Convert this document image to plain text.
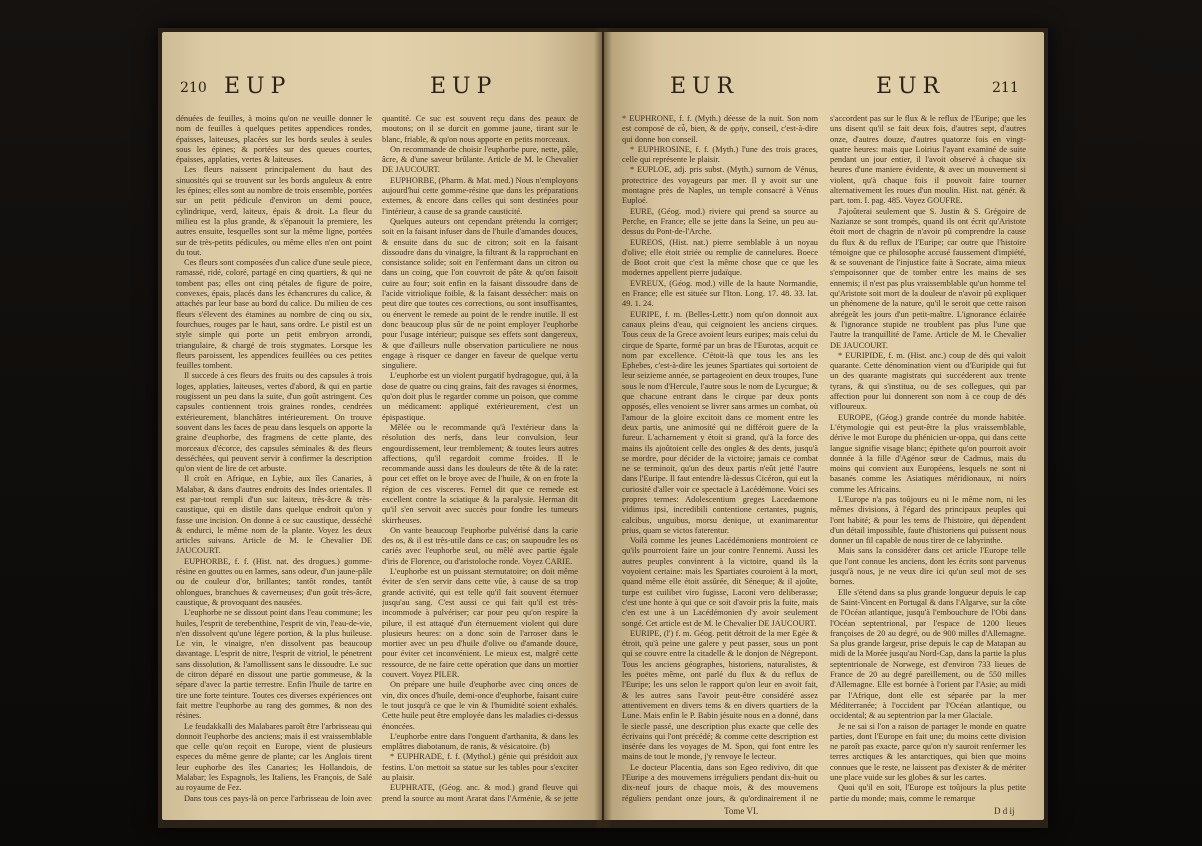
210 EUP	EUP

dénuées de feuilles, à moins qu'on ne veuille donner le nom de feuilles à quelques petites appendices rondes, épaisses, laiteuses, placées sur les bords seules à seules sous les épines; & portées sur des queues courtes, épaisses, applaties, vertes & laiteuses.

Les fleurs naissent principalement du haut des sinuosités qui se trouvent sur les bords anguleux & entre les épines; elles sont au nombre de trois ensemble, portées sur un petit pédicule d'environ un demi pouce, cylindrique, verd, laiteux, épais & droit. La fleur du milieu est la plus grande, & s'épanouit la premiere, les autres ensuite, lesquelles sont sur la même ligne, portées sur de très-petits pédicules, ou même elles n'en ont point du tout.

Ces fleurs sont composées d'un calice d'une seule piece, ramassé, ridé, coloré, partagé en cinq quartiers, & qui ne tombent pas; elles ont cinq pétales de figure de poire, convexes, épais, placés dans les échancrures du calice, & attachés par leur base au bord du calice. Du milieu de ces fleurs s'élevent des étamines au nombre de cinq ou six, fourchues, rouges par le haut, sans ordre. Le pistil est un style simple qui porte un petit embryon arrondi, triangulaire, & chargé de trois stygmates. Lorsque les fleurs paroissent, les appendices feuillées ou ces petites feuilles tombent.

Il succede à ces fleurs des fruits ou des capsules à trois loges, applaties, laiteuses, vertes d'abord, & qui en partie rougissent un peu dans la suite, d'un goût astringent. Ces capsules contiennent trois graines rondes, cendrées extérieurement, blanchâtres intérieurement. On trouve souvent dans les faces de peau dans lesquels on apporte la graine d'euphorbe, des fragmens de cette plante, des morceaux d'écorce, des capsules séminales & des fleurs desséchées, qui peuvent servir à confirmer la description qu'on vient de lire de cet arbuste.

Il croît en Afrique, en Lybie, aux îles Canaries, à Malabar, & dans d'autres endroits des Indes orientales. Il est par-tout rempli d'un suc laiteux, très-âcre & très-caustique, qui en distile dans quelque endroit qu'on y fasse une incision. On donne à ce suc caustique, desséché & endurci, le même nom de la plante. Voyez les deux articles suivans. Article de M. le Chevalier DE JAUCOURT.

EUPHORBE, f. f. (Hist. nat. des drogues.) gomme-résine en gouttes ou en larmes, sans odeur, d'un jaune-pâle ou de couleur d'or, brillantes; tantôt rondes, tantôt oblongues, branchues & caverneuses; d'un goût très-âcre, caustique, & provoquant des nausées.

L'euphorbe ne se dissout point dans l'eau commune; les huiles, l'esprit de terebenthine, l'esprit de vin, l'eau-de-vie, n'en dissolvent qu'une légere portion, & la plus huileuse. Le vin, le vinaigre, n'en dissolvent pas beaucoup davantage. L'esprit de nitre, l'esprit de vitriol, le pénetrent sans dissolution, & l'amollissent sans le dissoudre. Le suc de citron déparé en dissout une partie gommeuse, & la sépare d'avec la partie terrestre. Enfin l'huile de tartre en tire une forte teinture. Toutes ces diverses expériences ont fait mettre l'euphorbe au rang des gommes, & non des résines.

Le feudakkalli des Malabares paroît être l'arbrisseau qui donnoit l'euphorbe des anciens; mais il est vraissemblable que celle qu'on reçoit en Europe, vient de plusieurs especes du même genre de plante; car les Anglois tirent leur euphorbe des îles Canaries; les Hollandois, de Malabar; les Espagnols, les Italiens, les François, de Salé au royaume de Fez.

Dans tous ces pays-là on perce l'arbrisseau de loin avec

quantité. Ce suc est souvent reçu dans des peaux de moutons; on il se durcit en gomme jaune, tirant sur le blanc, friable, & qu'on nous apporte en petits morceaux.

On recommande de choisir l'euphorbe pure, nette, pâle, âcre, & d'une saveur brûlante. Article de M. le Chevalier DE JAUCOURT.

EUPHORBE, (Pharm. & Mat. med.) Nous n'employons aujourd'hui cette gomme-résine que dans les préparations externes, & encore dans celles qui sont destinées pour l'intérieur, à cause de sa grande causticité.

Quelques auteurs ont cependant prétendu la corriger; soit en la faisant infuser dans de l'huile d'amandes douces, & ensuite dans du suc de citron; soit en la faisant dissoudre dans du vinaigre, la filtrant & la rapprochant en consistance solide; soit en l'enfermant dans un citron ou dans un coing, que l'on couvroit de pâte & qu'on faisoit cuire au four; soit enfin en la faisant dissoudre dans de l'acide vitriolique foible, & la faisant dessécher: mais on peut dire que toutes ces corrections, ou sont insuffisantes, ou énervent le remede au point de le rendre inutile. Il est donc beaucoup plus sûr de ne point employer l'euphorbe pour l'usage intérieur; puisque ses effets sont dangereux, & que d'ailleurs nulle observation particuliere ne nous engage à risquer ce danger en faveur de quelque vertu singuliere.

L'euphorbe est un violent purgatif hydragogue, qui, à la dose de quatre ou cinq grains, fait des ravages si énormes, qu'on doit plus le regarder comme un poison, que comme un médicament: appliqué extérieurement, c'est un épispastique.

Mêlée ou le recommande qu'à l'extérieur dans la résolution des nerfs, dans leur convulsion, leur engourdissement, leur tremblement; & toutes leurs autres affections, qu'il regardoit comme froides. Il le recommande aussi dans les douleurs de tête & de la rate: pour cet effet on le broye avec de l'huile, & on en frote la région de ces visceres. Fernel dit que ce remede est excellent contre la sciatique & la paralysie. Herman dit qu'il s'en servoit avec succès pour fondre les tumeurs skirrheuses.

On vante beaucoup l'euphorbe pulvérisé dans la carie des os, & il est très-utile dans ce cas; on saupoudre les os cariés avec l'euphorbe seul, ou mêlé avec partie égale d'iris de Florence, ou d'aristoloche ronde. Voyez CARIE.

L'euphorbe est un puissant sternutatoire; on doit même éviter de s'en servir dans cette vûe, à cause de sa trop grande activité, qui est telle qu'il fait souvent éternuer jusqu'au sang. C'est aussi ce qui fait qu'il est très-incommode à pulvériser; car pour peu qu'on respire la pilure, il est attaqué d'un éternuement violent qui dure plusieurs heures: on a donc soin de l'arroser dans le mortier avec un peu d'huile d'olive ou d'amande douce, pour éviter cet inconvénient. Le mieux est, malgré cette ressource, de ne faire cette opération que dans un mortier couvert. Voyez PILER.

On prépare une huile d'euphorbe avec cinq onces de vin, dix onces d'huile, demi-once d'euphorbe, faisant cuire le tout jusqu'à ce que le vin & l'humidité soient exhalés. Cette huile peut être employée dans les maladies ci-dessus énoncées.

L'euphorbe entre dans l'onguent d'arthanita, & dans les emplâtres diabotanum, de ranis, & vésicatoire. (b)

* EUPHRADE, f. f. (Mythol.) génie qui présidoit aux festins. L'on mettoit sa statue sur les tables pour s'exciter au plaisir.

EUPHRATE, (Géog. anc. & mod.) grand fleuve qui prend la source au mont Ararat dans l'Arménie, & se jette

EUR	EUR	211

* EUPHRONE, f. f. (Myth.) déesse de la nuit. Son nom est composé de εὖ, bien, & de φρὴν, conseil, c'est-à-dire qui donne bon conseil.

* EUPHROSINE, f. f. (Myth.) l'une des trois graces, celle qui représente le plaisir.

* EUPLOE, adj. pris subst. (Myth.) surnom de Vénus, protectrice des voyageurs par mer. Il y avoit sur une montagne près de Naples, un temple consacré à Vénus Euploé.

EURE, (Géog. mod.) riviere qui prend sa source au Perche, en France; elle se jette dans la Seine, un peu au-dessus du Pont-de-l'Arche.

EUREOS, (Hist. nat.) pierre semblable à un noyau d'olive; elle étoit striée ou remplie de cannelures. Boece de Boot croit que c'est la même chose que ce que les modernes appellent pierre judaïque.

EVREUX, (Géog. mod.) ville de la haute Normandie, en France; elle est située sur l'Iton. Long. 17. 48. 33. lat. 49. 1. 24.

EURIPE, f. m. (Belles-Lettr.) nom qu'on donnoit aux canaux pleins d'eau, qui ceignoient les anciens cirques. Tous ceux de la Grece avoient leurs euripes; mais celui du cirque de Sparte, formé par un bras de l'Eurotas, acquit ce nom par excellence. C'étoit-là que tous les ans les Ephebes, c'est-à-dire les jeunes Spartiates qui sortoient de leur seizieme année, se partageoient en deux troupes, l'une sous le nom d'Hercule, l'autre sous le nom de Lycurgue; & que chacune entrant dans le cirque par deux ponts opposés, elles venoient se livrer sans armes un combat, où l'amour de la gloire excitoit dans ce moment entre les deux partis, une animosité qui ne différoit guere de la fureur. L'acharnement y étoit si grand, qu'à la force des mains ils ajoûtoient celle des ongles & des dents, jusqu'à se mordre, pour décider de la victoire; jamais ce combat ne se terminoit, qu'un des deux partis n'eût jetté l'autre dans l'Euripe. Il faut entendre là-dessus Cicéron, qui eut la curiosité d'aller voir ce spectacle à Lacédémone. Voici ses propres termes: Adolescentium greges Lacedaemone vidimus ipsi, incredibili contentione certantes, pugnis, calcibus, unguibus, morsu denique, ut exanimarentur prius, quam se victos faterentur.

Voilà comme les jeunes Lacédémoniens montroient ce qu'ils pourroient faire un jour contre l'ennemi. Aussi les autres peuples convinrent à la victoire, quand ils la voyoient certaine: mais les Spartiates couroient à la mort, quand même elle étoit assûrée, dit Séneque; & il ajoûte, turpe est cuilibet viro fugisse, Laconi vero deliberasse; c'est une honte à qui que ce soit d'avoir pris la fuite, mais c'en est une à un Lacédémonien d'y avoir seulement songé. Cet article est de M. le Chevalier DE JAUCOURT.

EURIPE, (l') f. m. Géog. petit détroit de la mer Egée & étroit, qu'à peine une galere y peut passer, sous un pont qui se couvre entre la citadelle & le donjon de Négrepont. Tous les anciens géographes, historiens, naturalistes, & les poëtes même, ont parlé du flux & du reflux de l'Euripe; les uns selon le rapport qu'on leur en avoit fait, & les autres sans l'avoir peut-être considéré assez attentivement en divers tems & en divers quartiers de la Lune. Mais enfin le P. Babin jésuite nous en a donné, dans le siecle passé, une description plus exacte que celle des écrivains qui l'ont précédé; & comme cette description est insérée dans les voyages de M. Spon, qui font entre les mains de tout le monde, j'y renvoye le lecteur.

Le docteur Placentia, dans son Egeo redivivo, dit que l'Euripe a des mouvemens irréguliers pendant dix-huit ou dix-neuf jours de chaque mois, & des mouvemens réguliers pendant onze jours, & qu'ordinairement il ne

s'accordent pas sur le flux & le reflux de l'Euripe; que les uns disent qu'il se fait deux fois, d'autres sept, d'autres onze, d'autres douze, d'autres quatorze fois en vingt-quatre heures: mais que Loirius l'ayant examiné de suite pendant un jour entier, il l'avoit observé à chaque six heures d'une maniere évidente, & avec un mouvement si violent, qu'à chaque fois il pouvoit faire tourner alternativement les roues d'un moulin. Hist. nat. génér. & part. tom. I. pag. 485. Voyez GOUFRE.

J'ajoûterai seulement que S. Justin & S. Grégoire de Nazianze se sont trompés, quand ils ont écrit qu'Aristote étoit mort de chagrin de n'avoir pû comprendre la cause du flux & du reflux de l'Euripe; car outre que l'histoire témoigne que ce philosophe accusé faussement d'impiété, & se souvenant de l'injustice faite à Socrate, aima mieux s'empoisonner que de tomber entre les mains de ses ennemis; il n'est pas plus vraissemblable qu'un homme tel qu'Aristote soit mort de la douleur de n'avoir pû expliquer un phénomene de la nature, qu'il le seroit que cette raison abrégeât les jours d'un petit-maître. L'ignorance éclairée & l'ignorance stupide ne troublent pas plus l'une que l'autre la tranquillité de l'ame. Article de M. le Chevalier DE JAUCOURT.

* EURIPIDE, f. m. (Hist. anc.) coup de dés qui valoit quarante. Cette dénomination vient ou d'Euripide qui fut un des quarante magistrats qui succéderent aux trente tyrans, & qui s'institua, ou de ses collegues, qui par affection pour lui donnerent son nom à ce coup de dés vifloureux.

EUROPE, (Géog.) grande contrée du monde habitée. L'étymologie qui est peut-être la plus vraissemblable, dérive le mot Europe du phénicien ur-oppa, qui dans cette langue signifie visage blanc; épithete qu'on pourroit avoir donnée à la fille d'Agénor sœur de Cadmus, mais du moins qui convient aux Européens, lesquels ne sont ni basanés comme les Asiatiques méridionaux, ni noirs comme les Africains.

L'Europe n'a pas toûjours eu ni le même nom, ni les mêmes divisions, à l'égard des principaux peuples qui l'ont habité; & pour les tems de l'histoire, qui dépendent d'un détail impossible, faute d'historiens qui puissent nous donner un fil capable de nous tirer de ce labyrinthe.

Mais sans la considérer dans cet article l'Europe telle que l'ont connue les anciens, dont les écrits sont parvenus jusqu'à nous, je ne veux dire ici qu'un seul mot de ses bornes.

Elle s'étend dans sa plus grande longueur depuis le cap de Saint-Vincent en Portugal & dans l'Algarve, sur la côte de l'Océan atlantique, jusqu'à l'embouchure de l'Obi dans l'Océan septentrional, par l'espace de 1200 lieues françoises de 20 au degré, ou de 900 milles d'Allemagne. Sa plus grande largeur, prise depuis le cap de Matapan au midi de la Morée jusqu'au Nord-Cap, dans la partie la plus septentrionale de Norwege, est d'environ 733 lieues de France de 20 au degré pareillement, ou de 550 milles d'Allemagne. Elle est bornée à l'orient par l'Asie; au midi par l'Afrique, dont elle est séparée par la mer Méditerranée; à l'occident par l'Océan atlantique, ou occidental; & au septentrion par la mer Glaciale.

Je ne sai si l'on a raison de partager le monde en quatre parties, dont l'Europe en fait une; du moins cette division ne paroît pas exacte, parce qu'on n'y sauroit renfermer les terres arctiques & les antarctiques, qui bien que moins connues que le reste, ne laissent pas d'exister & de mériter une place vuide sur les globes & sur les cartes.

Quoi qu'il en soit, l'Europe est toûjours la plus petite partie du monde; mais, comme le remarque

Tome VI.	D d ij
